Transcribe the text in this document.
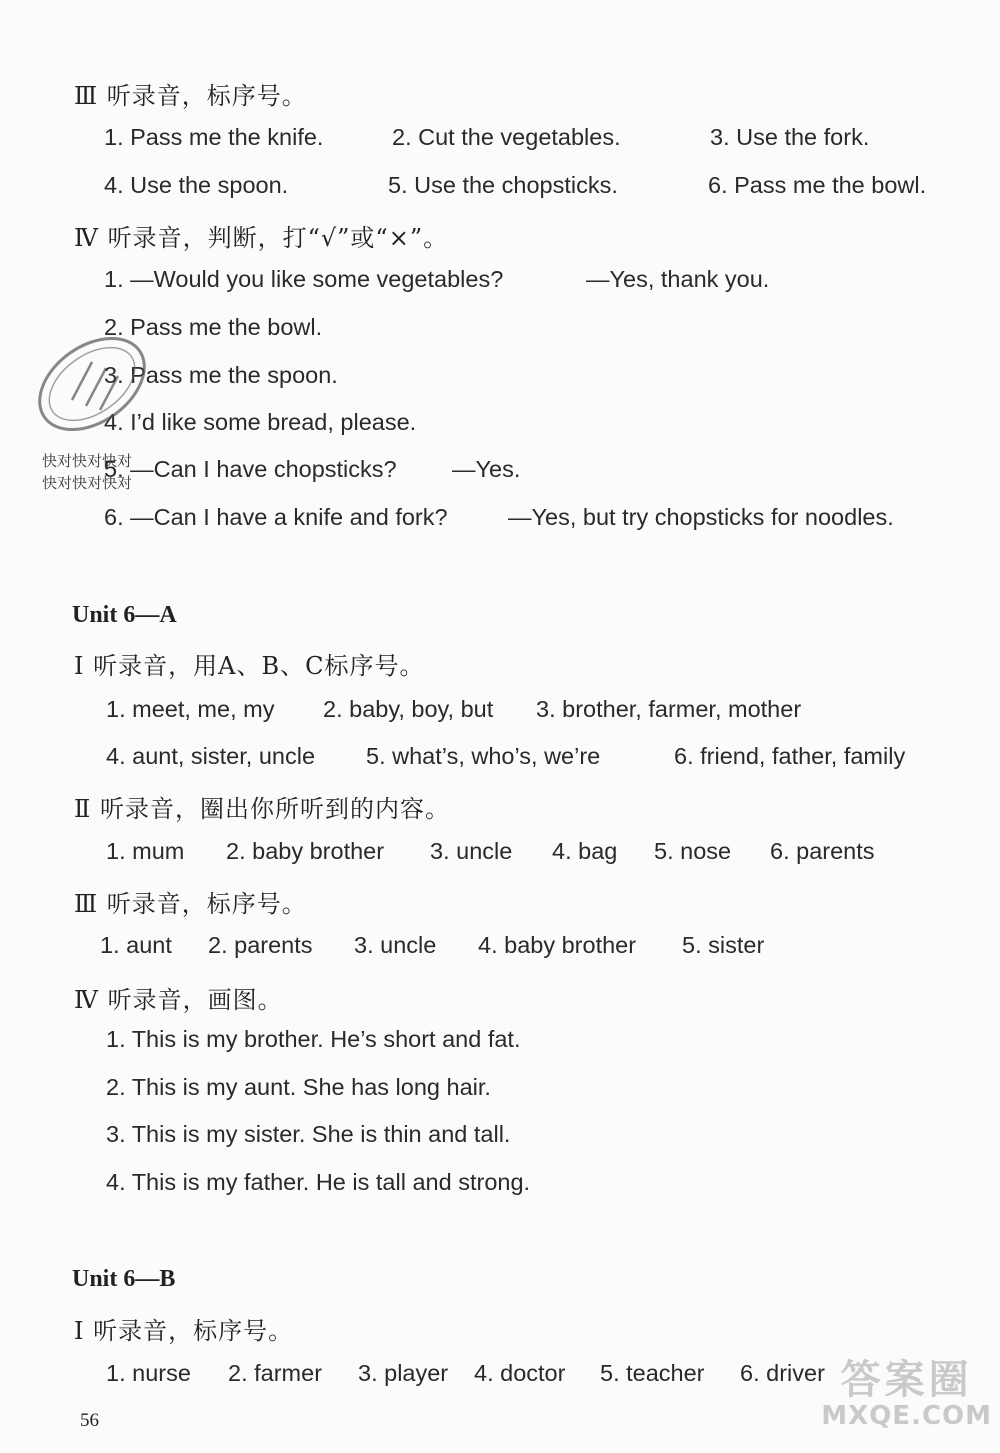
Ⅲ 听录音，标序号。
1. Pass me the knife.	2. Cut the vegetables.	3. Use the fork.
4. Use the spoon.	5. Use the chopsticks.	6. Pass me the bowl.
Ⅳ 听录音，判断，打“√”或“×”。
1. —Would you like some vegetables?	—Yes, thank you.
2. Pass me the bowl.
3. Pass me the spoon.
4. I’d like some bread, please.
5. —Can I have chopsticks? —Yes.
6. —Can I have a knife and fork?	—Yes, but try chopsticks for noodles.
快对快对快对
快对快对快对
Unit 6—A
Ⅰ 听录音，用A、B、C标序号。
1. meet, me, my 2. baby, boy, but 3. brother, farmer, mother
4. aunt, sister, uncle 5. what’s, who’s, we’re	6. friend, father, family
Ⅱ 听录音，圈出你所听到的内容。
1. mum 2. baby brother 3. uncle 4. bag 5. nose 6. parents
Ⅲ 听录音，标序号。
1. aunt 2. parents 3. uncle 4. baby brother 5. sister
Ⅳ 听录音，画图。
1. This is my brother. He’s short and fat.
2. This is my aunt. She has long hair.
3. This is my sister. She is thin and tall.
4. This is my father. He is tall and strong.
Unit 6—B
Ⅰ 听录音，标序号。
1. nurse 2. farmer 3. player 4. doctor 5. teacher 6. driver 答案圈
MXQE.COM
56
